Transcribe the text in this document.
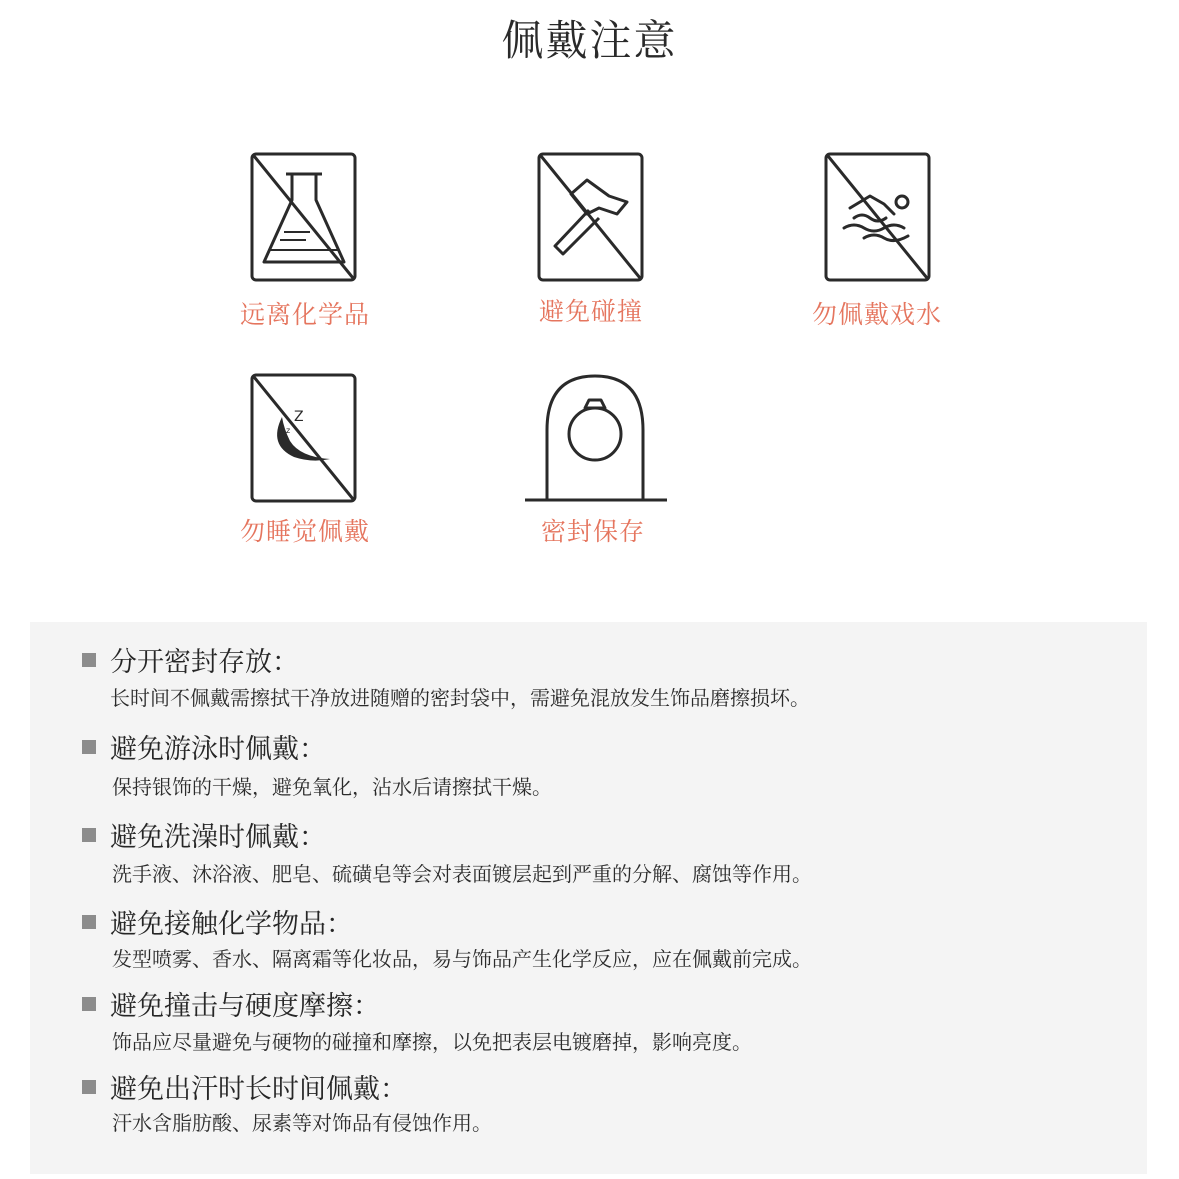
佩戴注意
远离化学品	避免碰撞	勿佩戴戏水
Z
z
勿睡觉佩戴	密封保存
分开密封存放：
长时间不佩戴需擦拭干净放进随赠的密封袋中，需避免混放发生饰品磨擦损坏。
避免游泳时佩戴：
保持银饰的干燥，避免氧化，沾水后请擦拭干燥。
避免洗澡时佩戴：
洗手液、沐浴液、肥皂、硫磺皂等会对表面镀层起到严重的分解、腐蚀等作用。
避免接触化学物品：
发型喷雾、香水、隔离霜等化妆品，易与饰品产生化学反应，应在佩戴前完成。
避免撞击与硬度摩擦：
饰品应尽量避免与硬物的碰撞和摩擦，以免把表层电镀磨掉，影响亮度。
避免出汗时长时间佩戴：
汗水含脂肪酸、尿素等对饰品有侵蚀作用。
